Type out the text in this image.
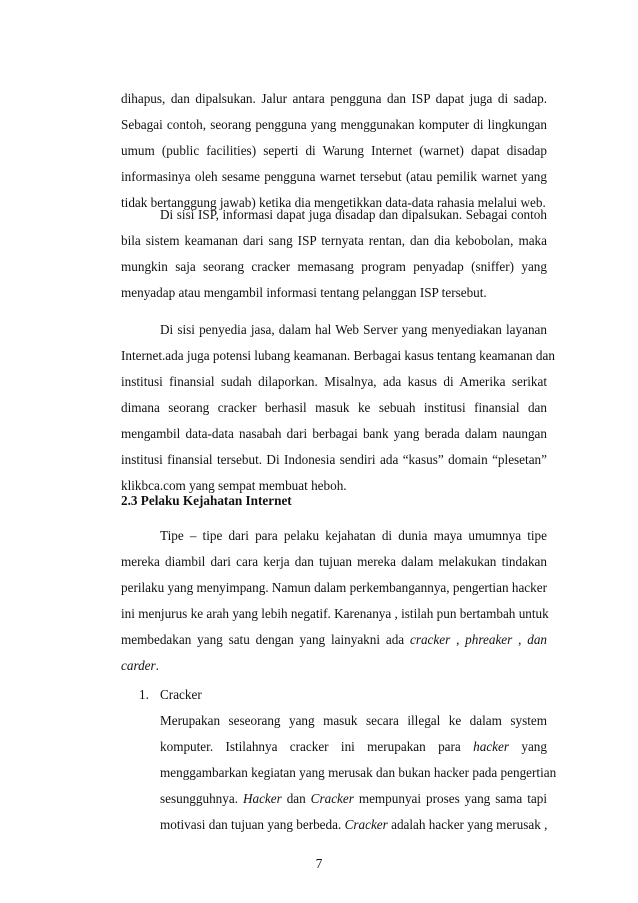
dihapus, dan dipalsukan. Jalur antara pengguna dan ISP dapat juga di sadap.
Sebagai contoh, seorang pengguna yang menggunakan komputer di lingkungan
umum (public facilities) seperti di Warung Internet (warnet) dapat disadap
informasinya oleh sesame pengguna warnet tersebut (atau pemilik warnet yang
tidak bertanggung jawab) ketika dia mengetikkan data-data rahasia melalui web.
Di sisi ISP, informasi dapat juga disadap dan dipalsukan. Sebagai contoh
bila sistem keamanan dari sang ISP ternyata rentan, dan dia kebobolan, maka
mungkin saja seorang cracker memasang program penyadap (sniffer) yang
menyadap atau mengambil informasi tentang pelanggan ISP tersebut.
Di sisi penyedia jasa, dalam hal Web Server yang menyediakan layanan
Internet.ada juga potensi lubang keamanan. Berbagai kasus tentang keamanan dan
institusi finansial sudah dilaporkan. Misalnya, ada kasus di Amerika serikat
dimana seorang cracker berhasil masuk ke sebuah institusi finansial dan
mengambil data-data nasabah dari berbagai bank yang berada dalam naungan
institusi finansial tersebut. Di Indonesia sendiri ada “kasus” domain “plesetan”
klikbca.com yang sempat membuat heboh.
2.3 Pelaku Kejahatan Internet
Tipe – tipe dari para pelaku kejahatan di dunia maya umumnya tipe
mereka diambil dari cara kerja dan tujuan mereka dalam melakukan tindakan
perilaku yang menyimpang. Namun dalam perkembangannya, pengertian hacker
ini menjurus ke arah yang lebih negatif. Karenanya , istilah pun bertambah untuk
membedakan yang satu dengan yang lainyakni ada cracker , phreaker , dan
carder.
1. Cracker
Merupakan seseorang yang masuk secara illegal ke dalam system
komputer. Istilahnya cracker ini merupakan para hacker yang
menggambarkan kegiatan yang merusak dan bukan hacker pada pengertian
sesungguhnya. Hacker dan Cracker mempunyai proses yang sama tapi
motivasi dan tujuan yang berbeda. Cracker adalah hacker yang merusak ,
7
